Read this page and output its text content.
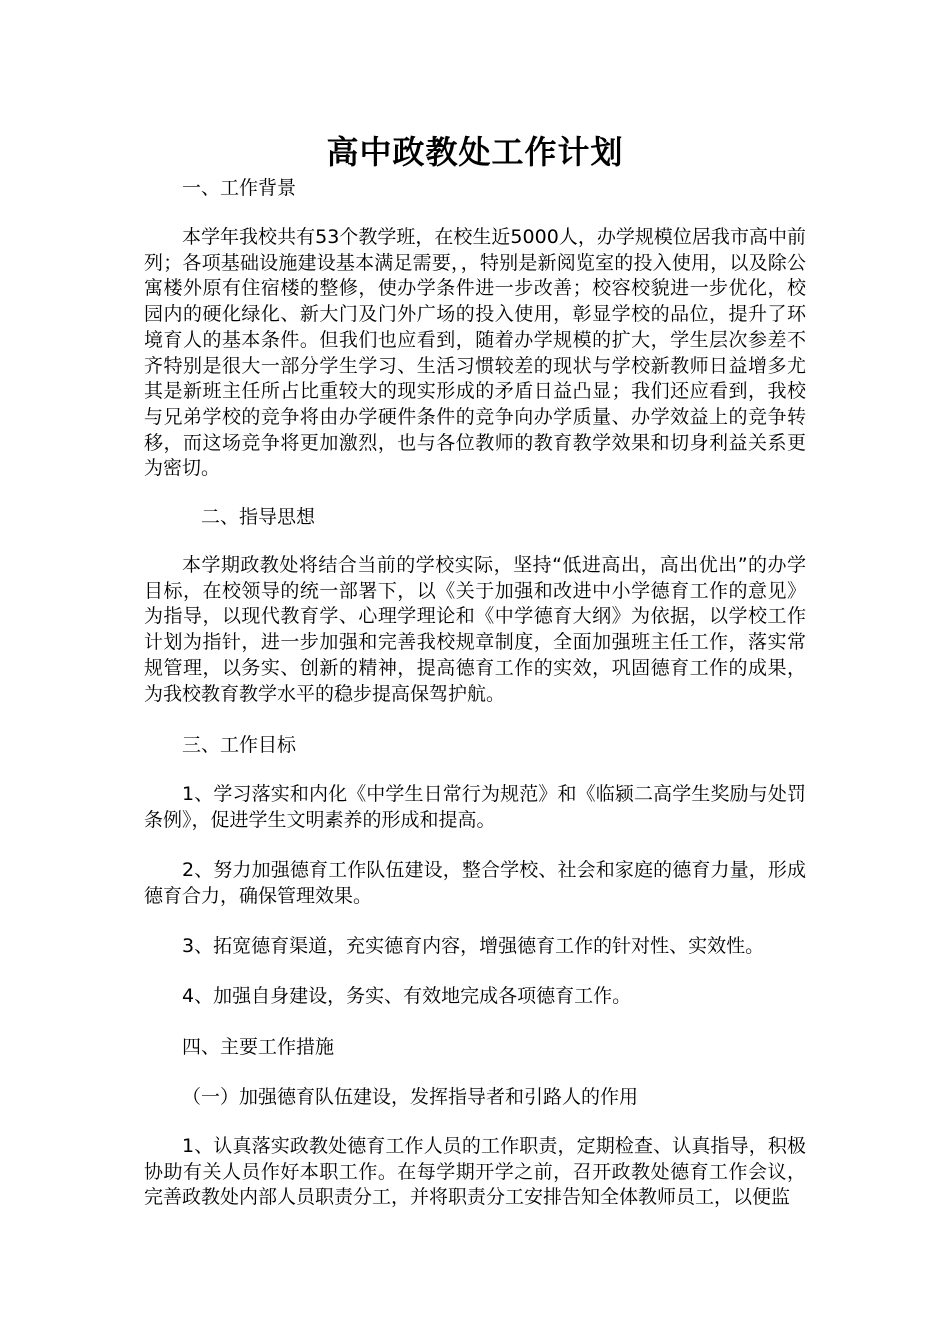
高中政教处工作计划
一、工作背景

本学年我校共有53个教学班，在校生近5000人，办学规模位居我市高中前列；各项基础设施建设基本满足需要，，特别是新阅览室的投入使用，以及除公寓楼外原有住宿楼的整修，使办学条件进一步改善；校容校貌进一步优化，校园内的硬化绿化、新大门及门外广场的投入使用，彰显学校的品位，提升了环境育人的基本条件。但我们也应看到，随着办学规模的扩大，学生层次参差不齐特别是很大一部分学生学习、生活习惯较差的现状与学校新教师日益增多尤其是新班主任所占比重较大的现实形成的矛盾日益凸显；我们还应看到，我校与兄弟学校的竞争将由办学硬件条件的竞争向办学质量、办学效益上的竞争转移，而这场竞争将更加激烈，也与各位教师的教育教学效果和切身利益关系更为密切。

二、指导思想

本学期政教处将结合当前的学校实际，坚持“低进高出，高出优出”的办学目标，在校领导的统一部署下，以《关于加强和改进中小学德育工作的意见》为指导，以现代教育学、心理学理论和《中学德育大纲》为依据，以学校工作计划为指针，进一步加强和完善我校规章制度，全面加强班主任工作，落实常规管理，以务实、创新的精神，提高德育工作的实效，巩固德育工作的成果，为我校教育教学水平的稳步提高保驾护航。

三、工作目标

1、学习落实和内化《中学生日常行为规范》和《临颍二高学生奖励与处罚条例》，促进学生文明素养的形成和提高。

2、努力加强德育工作队伍建设，整合学校、社会和家庭的德育力量，形成德育合力，确保管理效果。

3、拓宽德育渠道，充实德育内容，增强德育工作的针对性、实效性。

4、加强自身建设，务实、有效地完成各项德育工作。

四、主要工作措施
（一）加强德育队伍建设，发挥指导者和引路人的作用

1、认真落实政教处德育工作人员的工作职责，定期检查、认真指导，积极协助有关人员作好本职工作。在每学期开学之前，召开政教处德育工作会议，完善政教处内部人员职责分工，并将职责分工安排告知全体教师员工，以便监
